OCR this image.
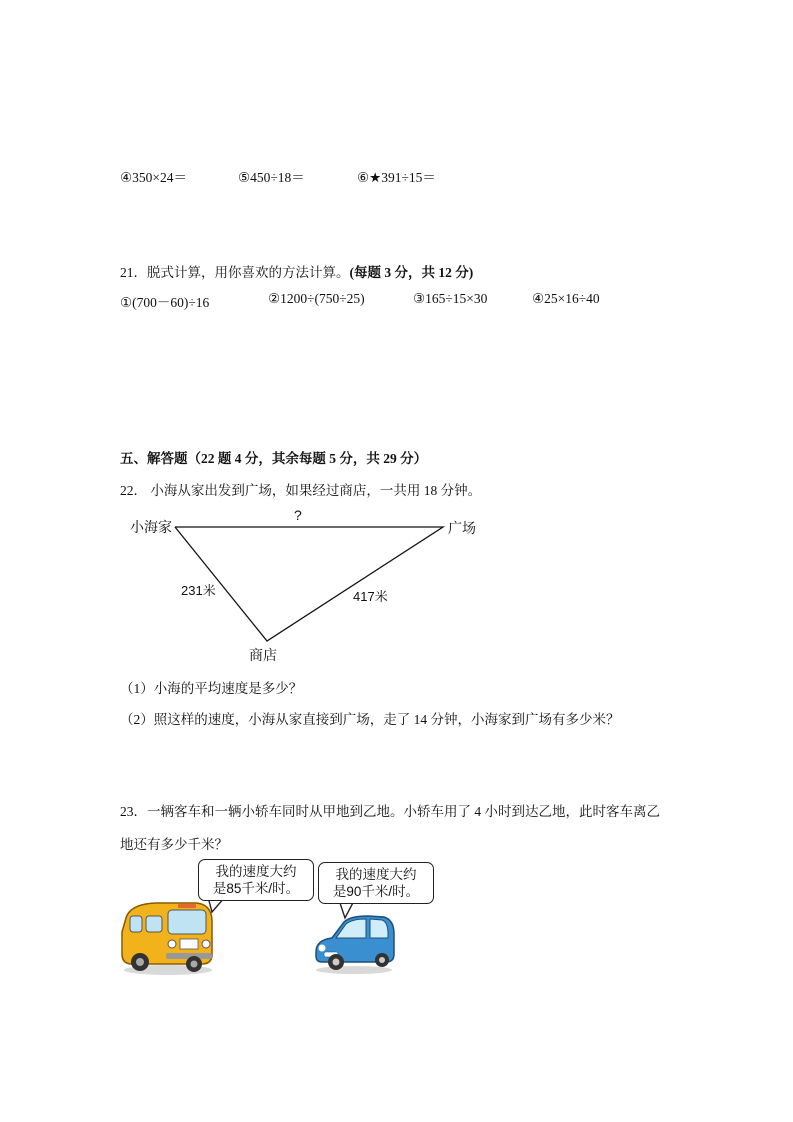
④350×24＝	⑤450÷18＝	⑥★391÷15＝
21．脱式计算，用你喜欢的方法计算。(每题 3 分，共 12 分)
①(700－60)÷16	②1200÷(750÷25)	③165÷15×30	④25×16÷40
五、解答题（22 题 4 分，其余每题 5 分，共 29 分）
22． 小海从家出发到广场，如果经过商店，一共用 18 分钟。
小海家	广场
?
231米	417米
商店
（1）小海的平均速度是多少？
（2）照这样的速度，小海从家直接到广场，走了 14 分钟，小海家到广场有多少米？
23．一辆客车和一辆小轿车同时从甲地到乙地。小轿车用了 4 小时到达乙地，此时客车离乙
地还有多少千米？
我的速度大约
是85千米/时。
我的速度大约
是90千米/时。
